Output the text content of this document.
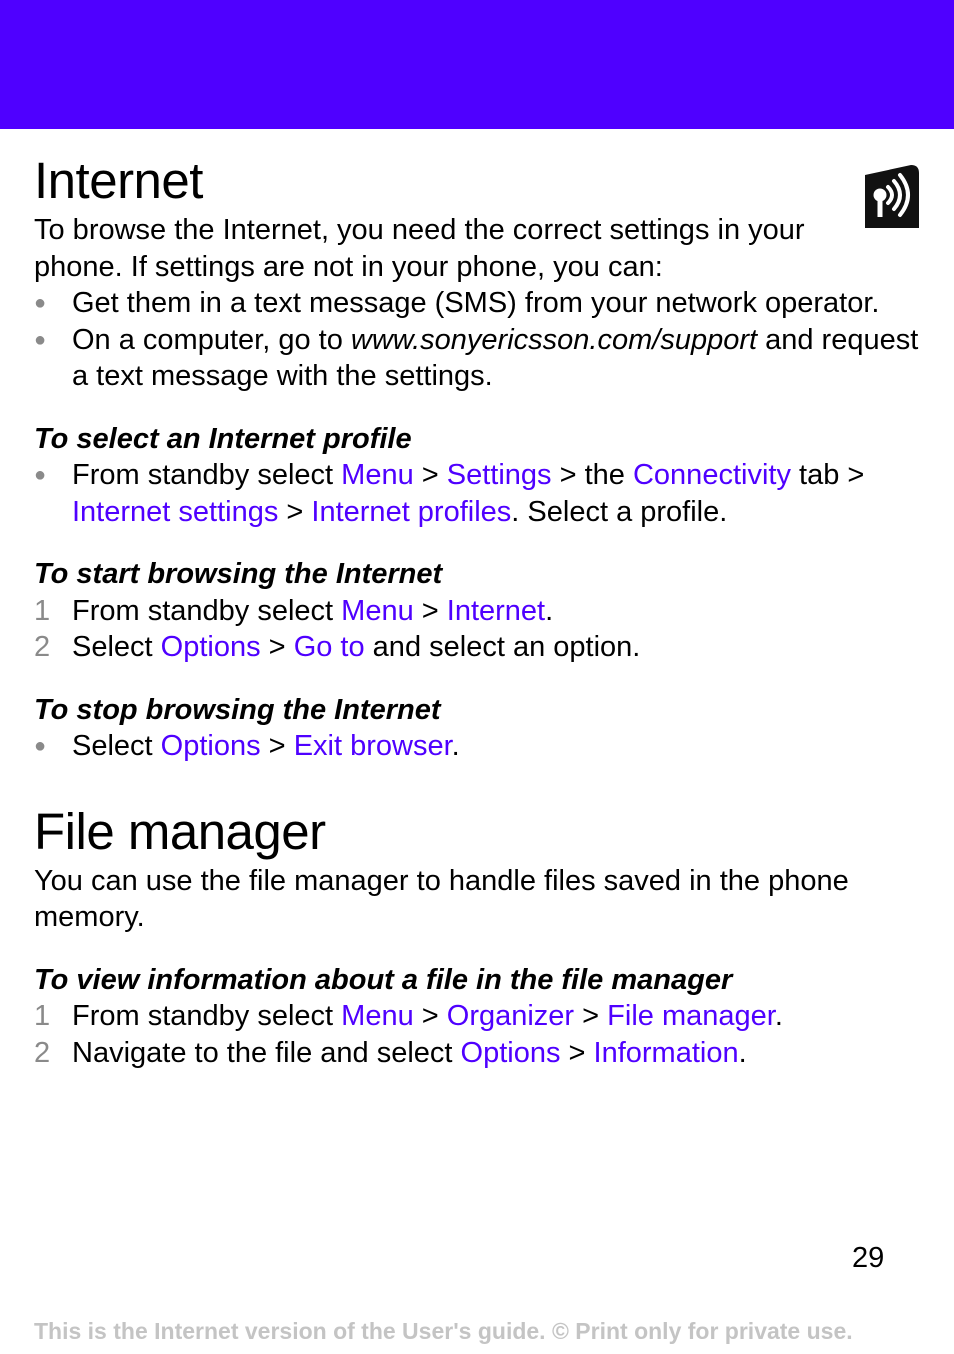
Internet

To browse the Internet, you need the correct settings in your phone. If settings are not in your phone, you can:

● Get them in a text message (SMS) from your network operator.
● On a computer, go to www.sonyericsson.com/support and request a text message with the settings.

To select an Internet profile

● From standby select Menu > Settings > the Connectivity tab > Internet settings > Internet profiles. Select a profile.

To start browsing the Internet

1 From standby select Menu > Internet.
2 Select Options > Go to and select an option.

To stop browsing the Internet

● Select Options > Exit browser.
File manager

You can use the file manager to handle files saved in the phone memory.

To view information about a file in the file manager

1 From standby select Menu > Organizer > File manager.
2 Navigate to the file and select Options > Information.
29
This is the Internet version of the User's guide. © Print only for private use.
